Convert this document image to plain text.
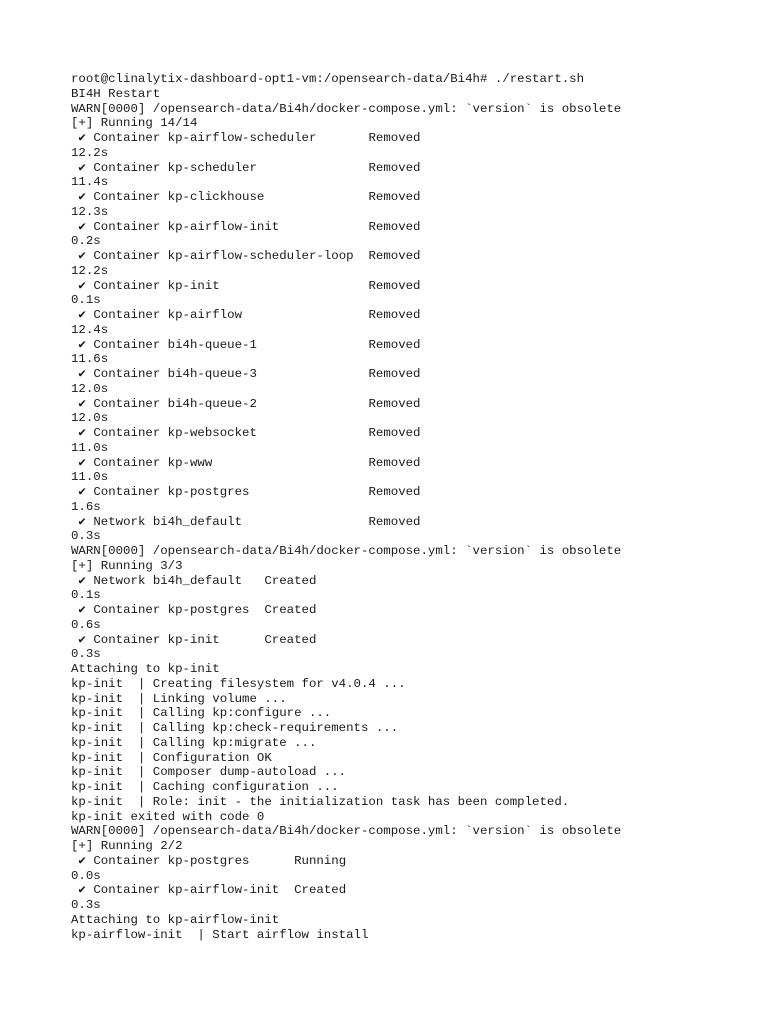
root@clinalytix-dashboard-opt1-vm:/opensearch-data/Bi4h# ./restart.sh
BI4H Restart
WARN[0000] /opensearch-data/Bi4h/docker-compose.yml: `version` is obsolete
[+] Running 14/14
✔ Container kp-airflow-scheduler       Removed
12.2s
✔ Container kp-scheduler               Removed
11.4s
✔ Container kp-clickhouse              Removed
12.3s
✔ Container kp-airflow-init            Removed
0.2s
✔ Container kp-airflow-scheduler-loop  Removed
12.2s
✔ Container kp-init                    Removed
0.1s
✔ Container kp-airflow                 Removed
12.4s
✔ Container bi4h-queue-1               Removed
11.6s
✔ Container bi4h-queue-3               Removed
12.0s
✔ Container bi4h-queue-2               Removed
12.0s
✔ Container kp-websocket               Removed
11.0s
✔ Container kp-www                     Removed
11.0s
✔ Container kp-postgres                Removed
1.6s
✔ Network bi4h_default                 Removed
0.3s
WARN[0000] /opensearch-data/Bi4h/docker-compose.yml: `version` is obsolete
[+] Running 3/3
✔ Network bi4h_default   Created
0.1s
✔ Container kp-postgres  Created
0.6s
✔ Container kp-init      Created
0.3s
Attaching to kp-init
kp-init  | Creating filesystem for v4.0.4 ...
kp-init  | Linking volume ...
kp-init  | Calling kp:configure ...
kp-init  | Calling kp:check-requirements ...
kp-init  | Calling kp:migrate ...
kp-init  | Configuration OK
kp-init  | Composer dump-autoload ...
kp-init  | Caching configuration ...
kp-init  | Role: init - the initialization task has been completed.
kp-init exited with code 0
WARN[0000] /opensearch-data/Bi4h/docker-compose.yml: `version` is obsolete
[+] Running 2/2
✔ Container kp-postgres      Running
0.0s
✔ Container kp-airflow-init  Created
0.3s
Attaching to kp-airflow-init
kp-airflow-init  | Start airflow install
